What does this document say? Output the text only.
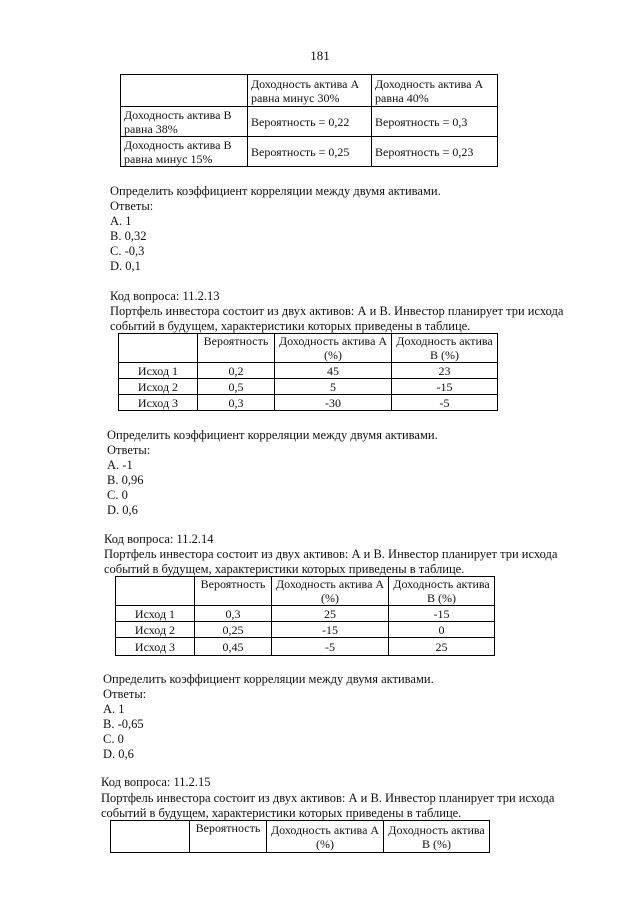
181
	Доходность актива А равна минус 30%	Доходность актива А равна 40%
Доходность актива В равна 38%	Вероятность = 0,22	Вероятность = 0,3
Доходность актива В равна минус 15%	Вероятность = 0,25	Вероятность = 0,23
Определить коэффициент корреляции между двумя активами.
Ответы:
A. 1
B. 0,32
C. -0,3
D. 0,1
Код вопроса: 11.2.13
Портфель инвестора состоит из двух активов: А и В. Инвестор планирует три исхода
событий в будущем, характеристики которых приведены в таблице.
	Вероятность	Доходность актива А (%)	Доходность актива В (%)
Исход 1	0,2	45	23
Исход 2	0,5	5	-15
Исход 3	0,3	-30	-5
Определить коэффициент корреляции между двумя активами.
Ответы:
A. -1
B. 0,96
C. 0
D. 0,6
Код вопроса: 11.2.14
Портфель инвестора состоит из двух активов: А и В. Инвестор планирует три исхода
событий в будущем, характеристики которых приведены в таблице.
	Вероятность	Доходность актива А (%)	Доходность актива В (%)
Исход 1	0,3	25	-15
Исход 2	0,25	-15	0
Исход 3	0,45	-5	25
Определить коэффициент корреляции между двумя активами.
Ответы:
A. 1
B. -0,65
C. 0
D. 0,6
Код вопроса: 11.2.15
Портфель инвестора состоит из двух активов: А и В. Инвестор планирует три исхода
событий в будущем, характеристики которых приведены в таблице.
	Вероятность	Доходность актива А (%)	Доходность актива В (%)
